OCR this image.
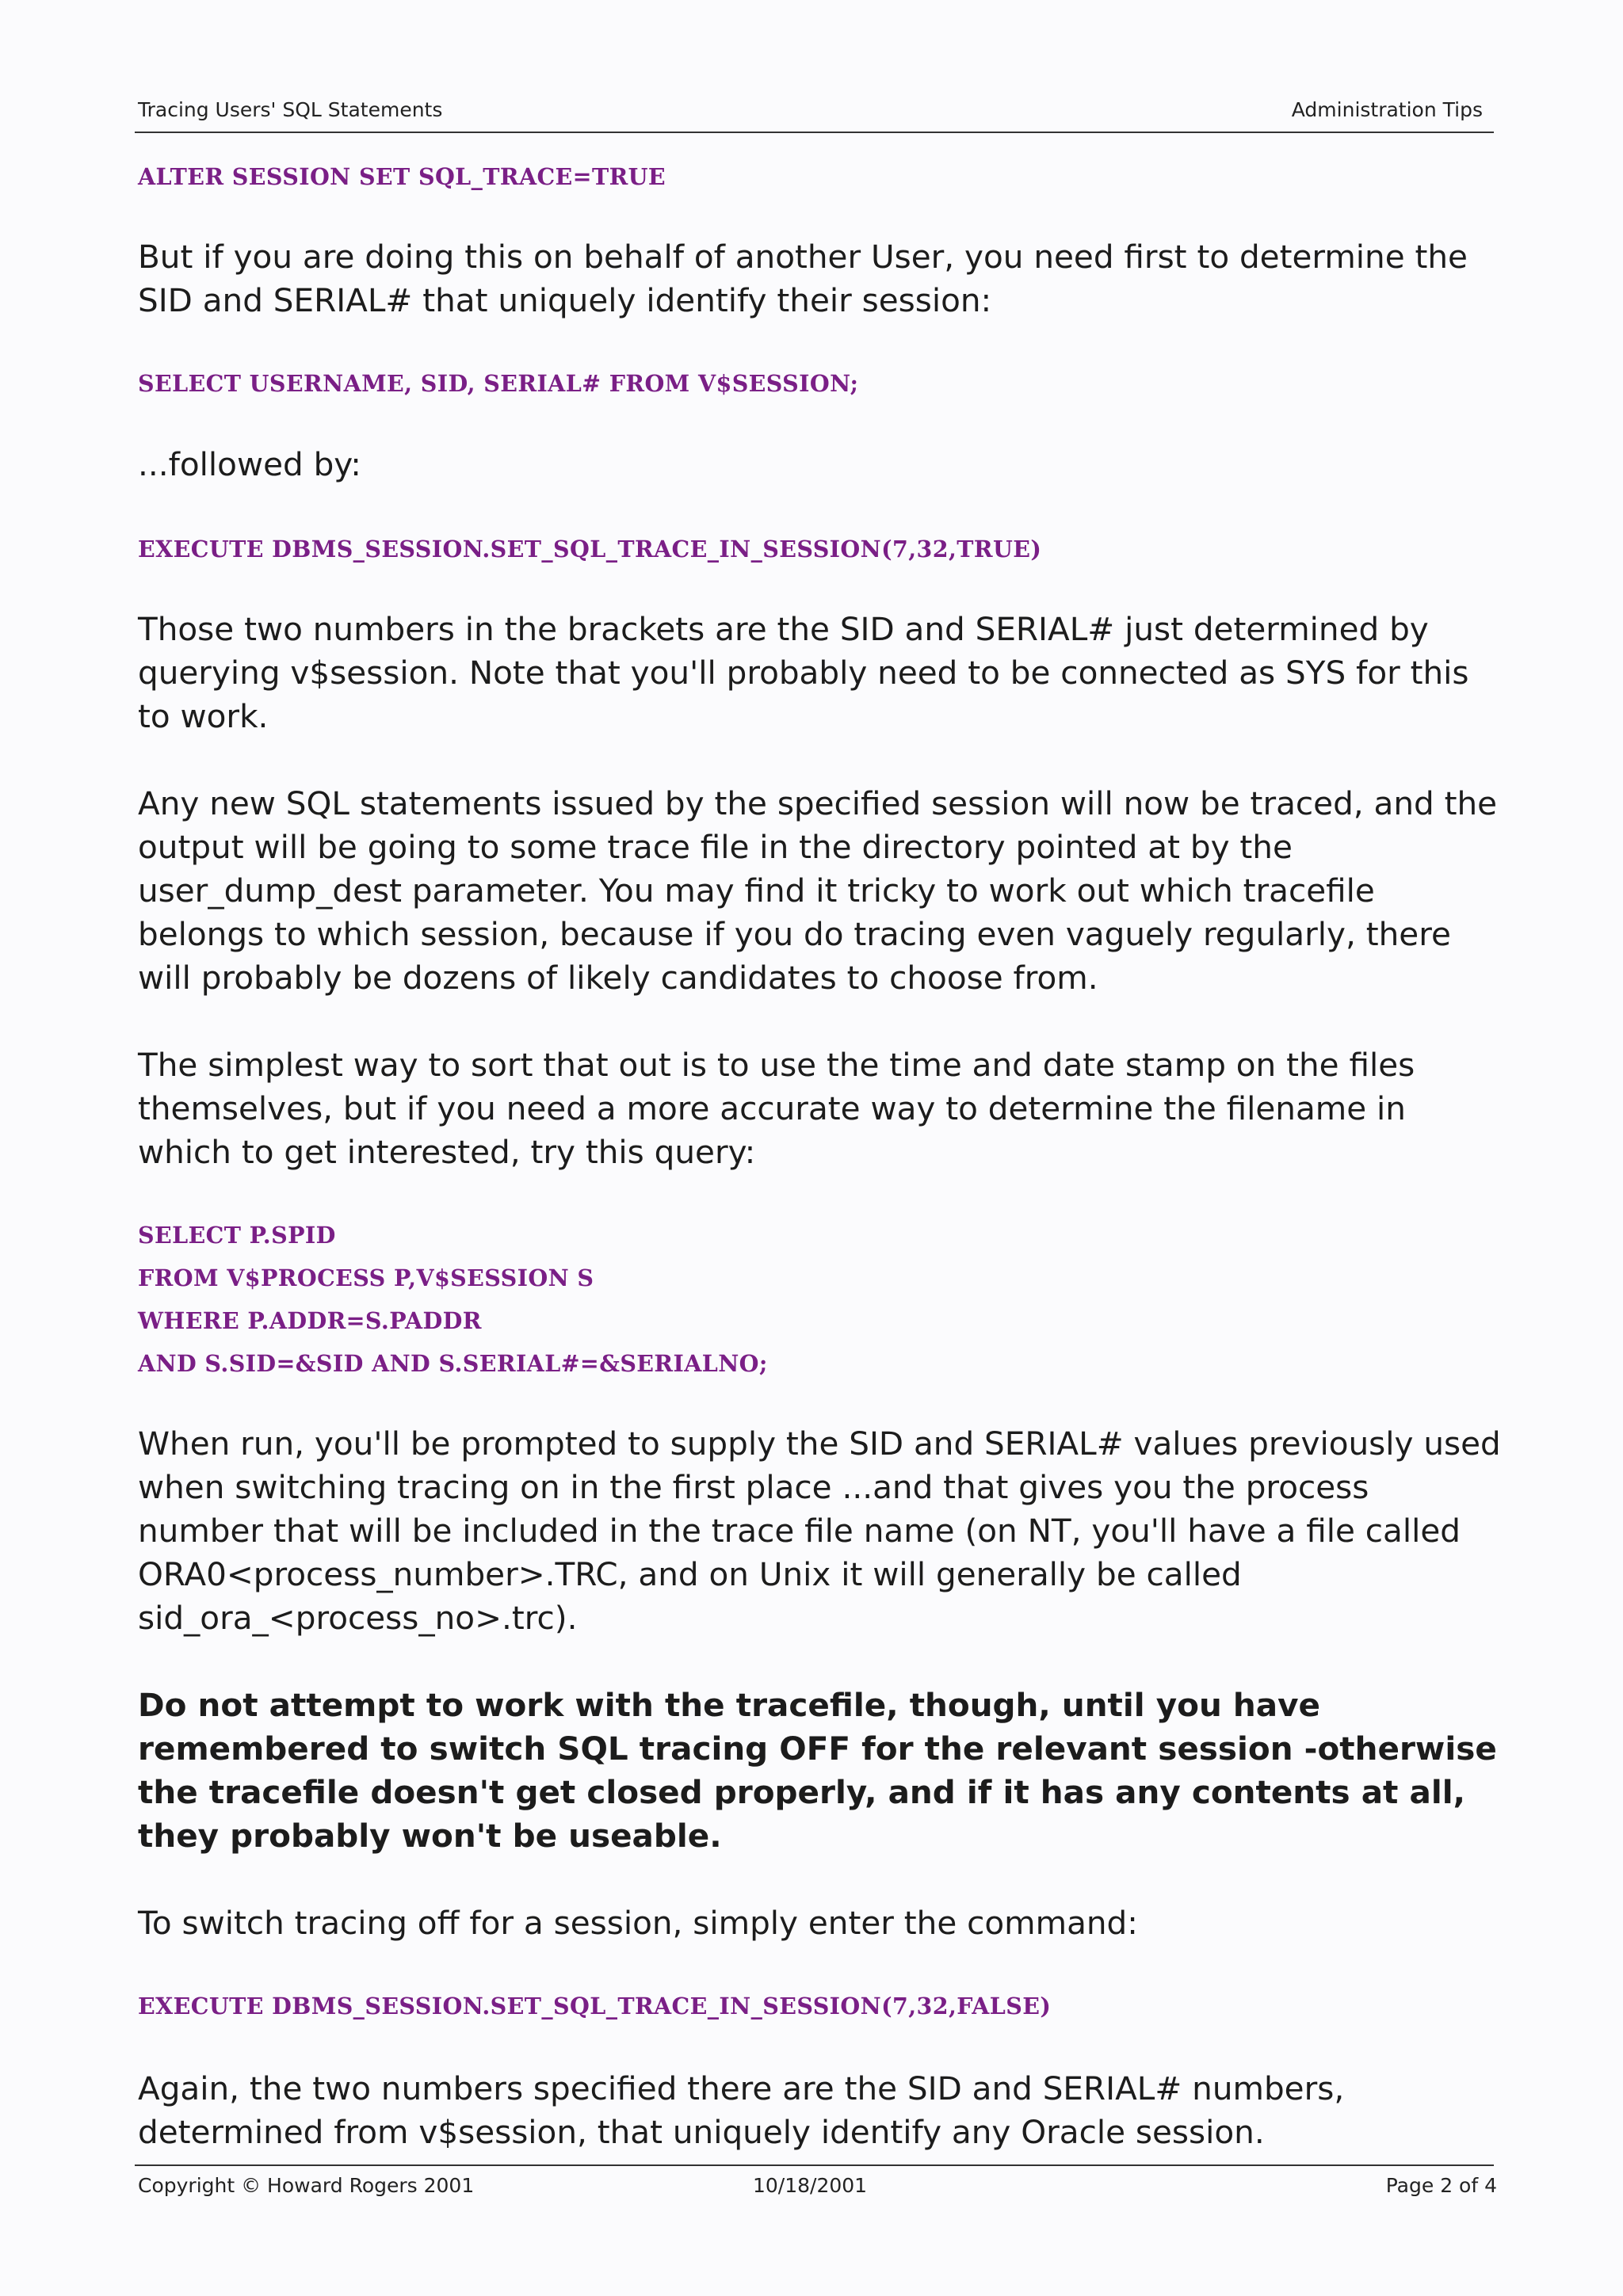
Tracing Users' SQL Statements	Administration Tips

ALTER SESSION SET SQL_TRACE=TRUE

But if you are doing this on behalf of another User, you need first to determine the SID and SERIAL# that uniquely identify their session:

SELECT USERNAME, SID, SERIAL# FROM V$SESSION;

...followed by:

EXECUTE DBMS_SESSION.SET_SQL_TRACE_IN_SESSION(7,32,TRUE)

Those two numbers in the brackets are the SID and SERIAL# just determined by querying v$session. Note that you'll probably need to be connected as SYS for this to work.

Any new SQL statements issued by the specified session will now be traced, and the output will be going to some trace file in the directory pointed at by the user_dump_dest parameter. You may find it tricky to work out which tracefile belongs to which session, because if you do tracing even vaguely regularly, there will probably be dozens of likely candidates to choose from.

The simplest way to sort that out is to use the time and date stamp on the files themselves, but if you need a more accurate way to determine the filename in which to get interested, try this query:

SELECT P.SPID

FROM V$PROCESS P,V$SESSION S

WHERE P.ADDR=S.PADDR

AND S.SID=&SID AND S.SERIAL#=&SERIALNO;

When run, you'll be prompted to supply the SID and SERIAL# values previously used when switching tracing on in the first place ...and that gives you the process number that will be included in the trace file name (on NT, you'll have a file called ORA0<process_number>.TRC, and on Unix it will generally be called sid_ora_<process_no>.trc).

Do not attempt to work with the tracefile, though, until you have remembered to switch SQL tracing OFF for the relevant session -otherwise the tracefile doesn't get closed properly, and if it has any contents at all, they probably won't be useable.

To switch tracing off for a session, simply enter the command:

EXECUTE DBMS_SESSION.SET_SQL_TRACE_IN_SESSION(7,32,FALSE)

Again, the two numbers specified there are the SID and SERIAL# numbers, determined from v$session, that uniquely identify any Oracle session.

Copyright © Howard Rogers 2001	10/18/2001	Page 2 of 4
